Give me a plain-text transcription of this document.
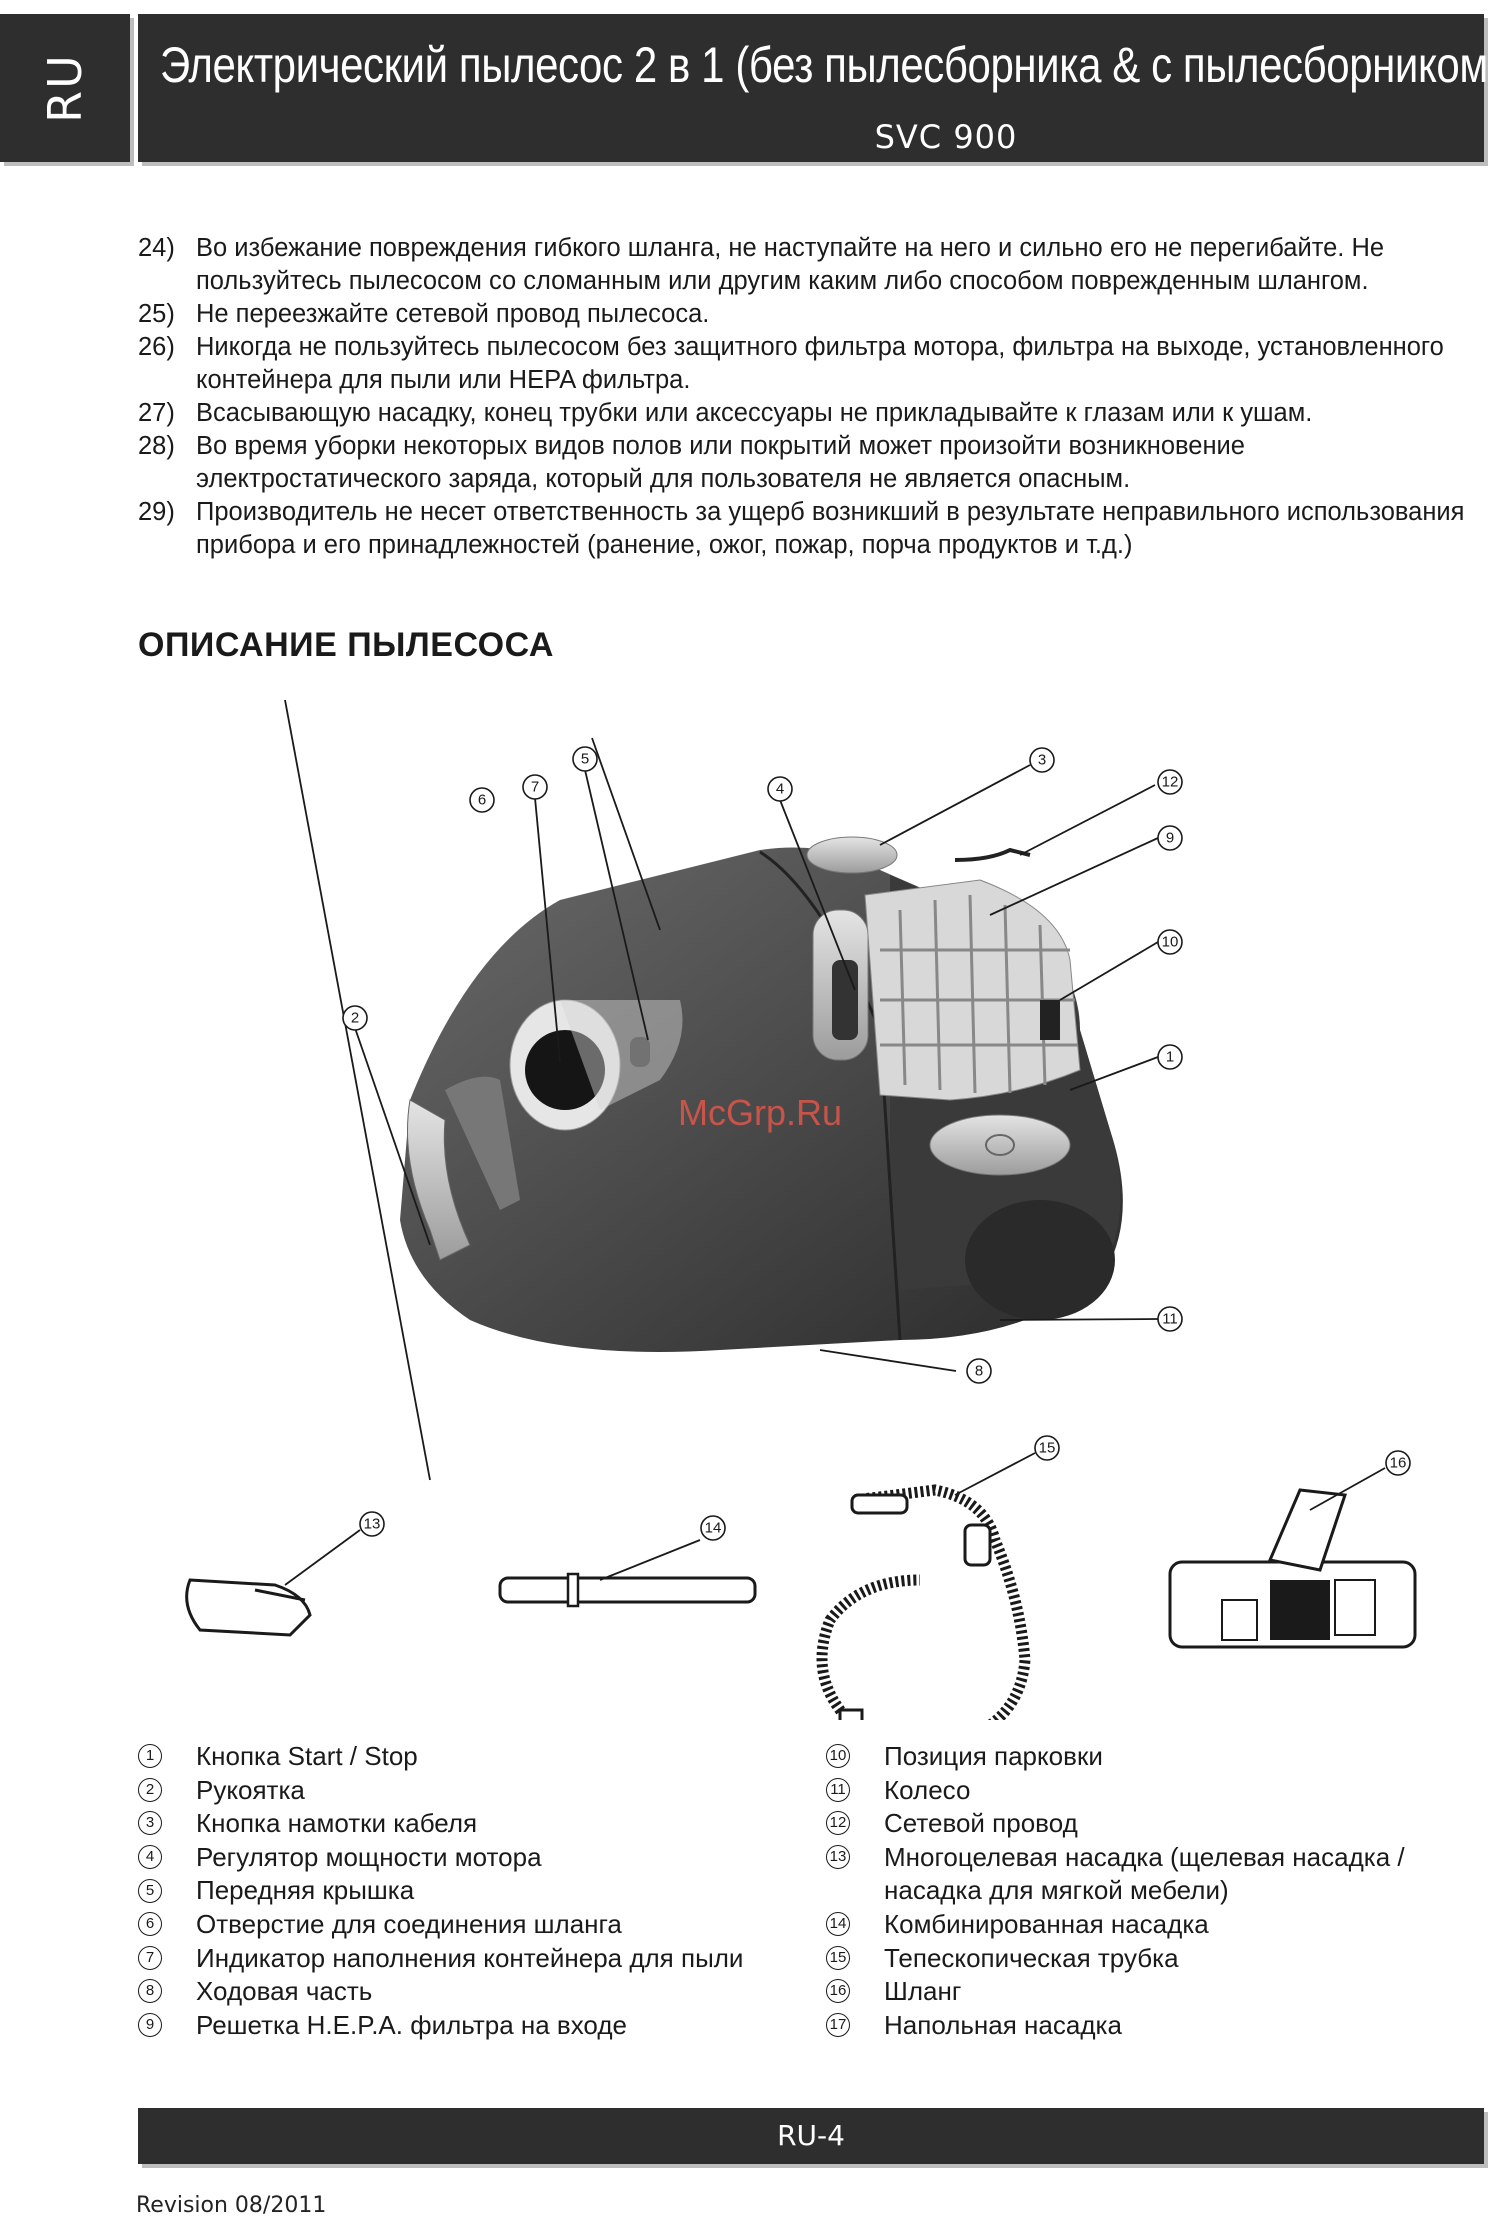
RU Электрический пылесос 2 в 1 (без пылесборника & с пылесборником)
SVC 900
24) Во избежание повреждения гибкого шланга, не наступайте на него и сильно его не перегибайте. Не пользуйтесь пылесосом со сломанным или другим каким либо способом поврежденным шлангом.
25) Не переезжайте сетевой провод пылесоса.
26) Никогда не пользуйтесь пылесосом без защитного фильтра мотора, фильтра на выходе, установленного контейнера для пыли или HEPA фильтра.
27) Всасывающую насадку, конец трубки или аксессуары не прикладывайте к глазам или к ушам.
28) Во время уборки некоторых видов полов или покрытий может произойти возникновение электростатического заряда, который для пользователя не является опасным.
29) Производитель не несет ответственность за ущерб возникший в результате неправильного использования прибора и его принадлежностей (ранение, ожог, пожар, порча продуктов и т.д.)
ОПИСАНИЕ ПЫЛЕСОСА
McGrp.Ru
1
2
3
4
5
6
7
8
9
10
11
12
13	14
15
16
1	Кнопка Start / Stop
2	Рукоятка
3	Кнопка намотки кабеля
4	Регулятор мощности мотора
5	Передняя крышка
6	Отверстие для соединения шланга
7	Индикатор наполнения контейнера для пыли
8	Ходовая часть
9	Решетка H.E.P.A. фильтра на входе
10	Позиция парковки
11	Колесо
12	Сетевой провод
13	Многоцелевая насадка (щелевая насадка / насадка для мягкой мебели)
14	Комбинированная насадка
15	Тепескопическая трубка
16	Шланг
17	Напольная насадка
RU-4
Revision 08/2011
